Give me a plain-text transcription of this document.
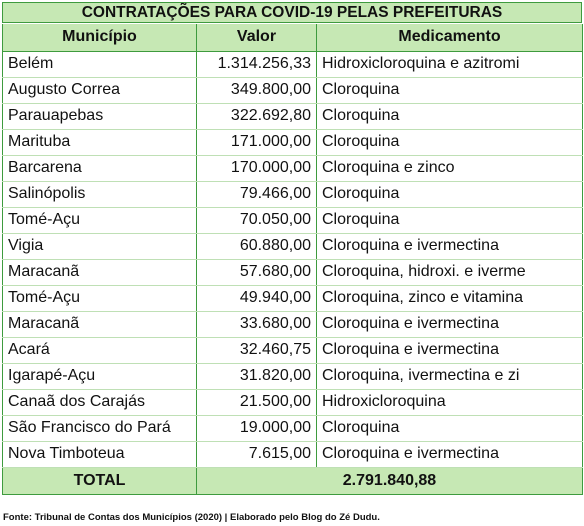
CONTRATAÇÕES PARA COVID-19 PELAS PREFEITURAS
Município	Valor	Medicamento
Belém	1.314.256,33	Hidroxicloroquina e azitromi
Augusto Correa	349.800,00	Cloroquina
Parauapebas	322.692,80	Cloroquina
Marituba	171.000,00	Cloroquina
Barcarena	170.000,00	Cloroquina e zinco
Salinópolis	79.466,00	Cloroquina
Tomé-Açu	70.050,00	Cloroquina
Vigia	60.880,00	Cloroquina e ivermectina
Maracanã	57.680,00	Cloroquina, hidroxi. e iverme
Tomé-Açu	49.940,00	Cloroquina, zinco e vitamina
Maracanã	33.680,00	Cloroquina e ivermectina
Acará	32.460,75	Cloroquina e ivermectina
Igarapé-Açu	31.820,00	Cloroquina, ivermectina e zi
Canaã dos Carajás	21.500,00	Hidroxicloroquina
São Francisco do Pará	19.000,00	Cloroquina
Nova Timboteua	7.615,00	Cloroquina e ivermectina
TOTAL	2.791.840,88	
Fonte: Tribunal de Contas dos Municípios (2020) | Elaborado pelo Blog do Zé Dudu.
